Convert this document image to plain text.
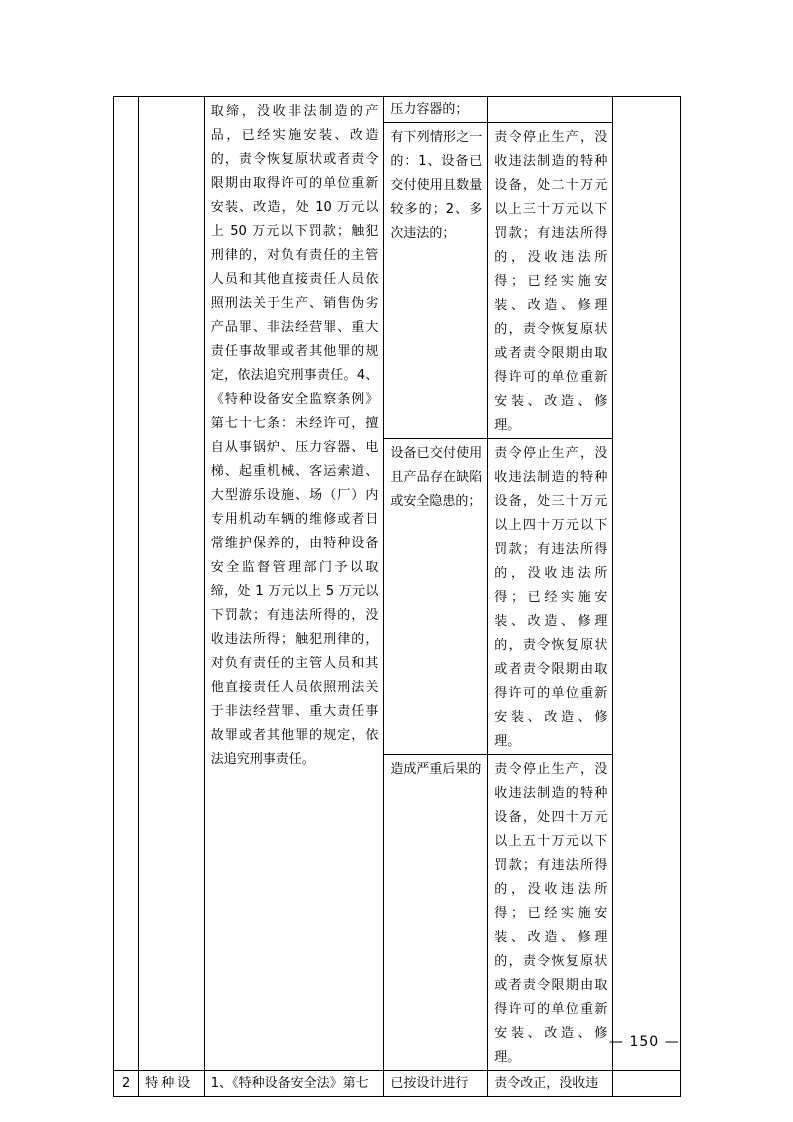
		取缔，没收非法制造的产品，已经实施安装、改造的，责令恢复原状或者责令限期由取得许可的单位重新安装、改造，处 10 万元以上 50 万元以下罚款；触犯刑律的，对负有责任的主管人员和其他直接责任人员依照刑法关于生产、销售伪劣产品罪、非法经营罪、重大责任事故罪或者其他罪的规定，依法追究刑事责任。4、《特种设备安全监察条例》第七十七条：未经许可，擅自从事锅炉、压力容器、电梯、起重机械、客运索道、大型游乐设施、场（厂）内专用机动车辆的维修或者日常维护保养的，由特种设备安全监督管理部门予以取缔，处 1 万元以上 5 万元以下罚款；有违法所得的，没收违法所得；触犯刑律的，对负有责任的主管人员和其他直接责任人员依照刑法关于非法经营罪、重大责任事故罪或者其他罪的规定，依法追究刑事责任。	压力容器的；		

			有下列情形之一的：1、设备已交付使用且数量较多的；2、多次违法的；	责令停止生产，没收违法制造的特种设备，处二十万元以上三十万元以下罚款；有违法所得的，没收违法所得；已经实施安装、改造、修理的，责令恢复原状或者责令限期由取得许可的单位重新安装、改造、修理。	

			设备已交付使用且产品存在缺陷或安全隐患的；	责令停止生产，没收违法制造的特种设备，处三十万元以上四十万元以下罚款；有违法所得的，没收违法所得；已经实施安装、改造、修理的，责令恢复原状或者责令限期由取得许可的单位重新安装、改造、修理。	

			造成严重后果的	责令停止生产，没收违法制造的特种设备，处四十万元以上五十万元以下罚款；有违法所得的，没收违法所得；已经实施安装、改造、修理的，责令恢复原状或者责令限期由取得许可的单位重新安装、改造、修理。	

2	特种设	1、《特种设备安全法》第七	已按设计进行	责令改正，没收违	

— 150 —
